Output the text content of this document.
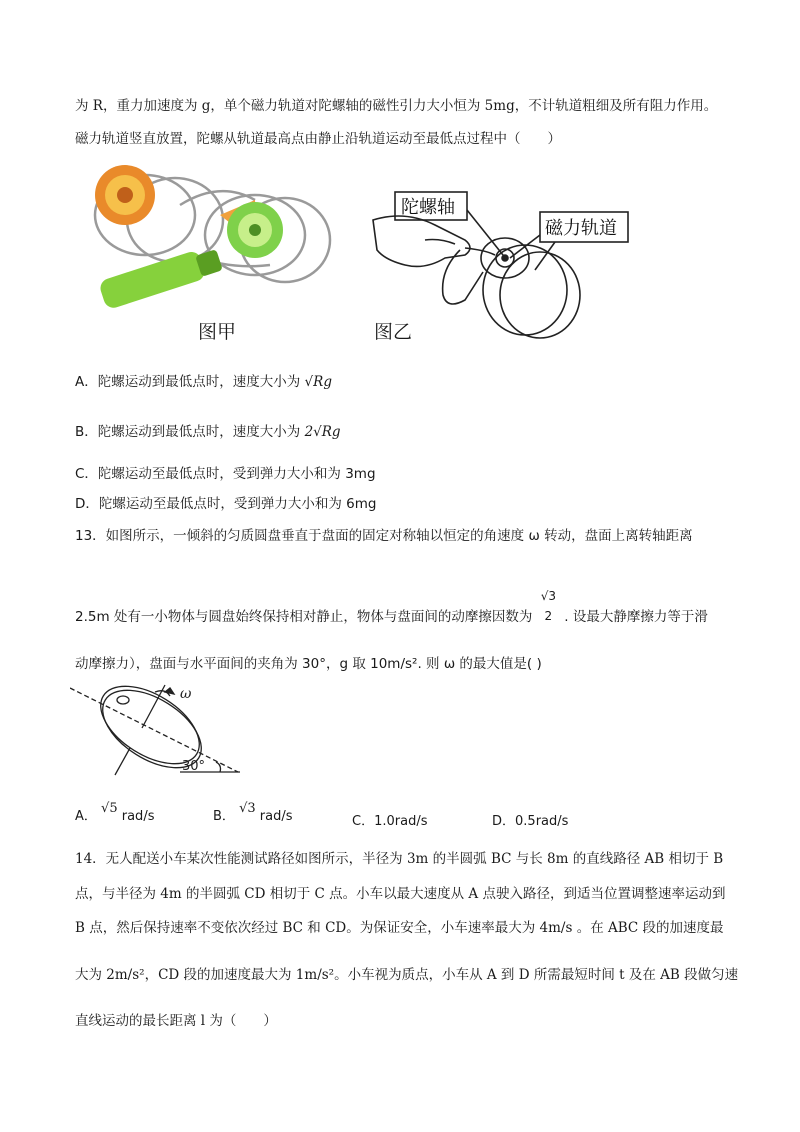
为 R，重力加速度为 g，单个磁力轨道对陀螺轴的磁性引力大小恒为 5mg，不计轨道粗细及所有阻力作用。
磁力轨道竖直放置，陀螺从轨道最高点由静止沿轨道运动至最低点过程中（　　）
图甲
陀螺轴
磁力轨道
图乙
A．陀螺运动到最低点时，速度大小为 √Rg
B．陀螺运动到最低点时，速度大小为 2√Rg
C．陀螺运动至最低点时，受到弹力大小和为 3mg
D．陀螺运动至最低点时，受到弹力大小和为 6mg
13．如图所示，一倾斜的匀质圆盘垂直于盘面的固定对称轴以恒定的角速度 ω 转动，盘面上离转轴距离
2.5m 处有一小物体与圆盘始终保持相对静止，物体与盘面间的动摩擦因数为
√3
2 . 设最大静摩擦力等于滑
动摩擦力），盘面与水平面间的夹角为 30°，g 取 10m/s². 则 ω 的最大值是( )
ω
30°
A． √5 rad/s	B． √3 rad/s	C．1.0rad/s	D．0.5rad/s
14．无人配送小车某次性能测试路径如图所示，半径为 3m 的半圆弧 BC 与长 8m 的直线路径 AB 相切于 B
点，与半径为 4m 的半圆弧 CD 相切于 C 点。小车以最大速度从 A 点驶入路径，到适当位置调整速率运动到
B 点，然后保持速率不变依次经过 BC 和 CD。为保证安全，小车速率最大为 4m/s 。在 ABC 段的加速度最
大为 2m/s²，CD 段的加速度最大为 1m/s²。小车视为质点，小车从 A 到 D 所需最短时间 t 及在 AB 段做匀速
直线运动的最长距离 l 为（　　）
